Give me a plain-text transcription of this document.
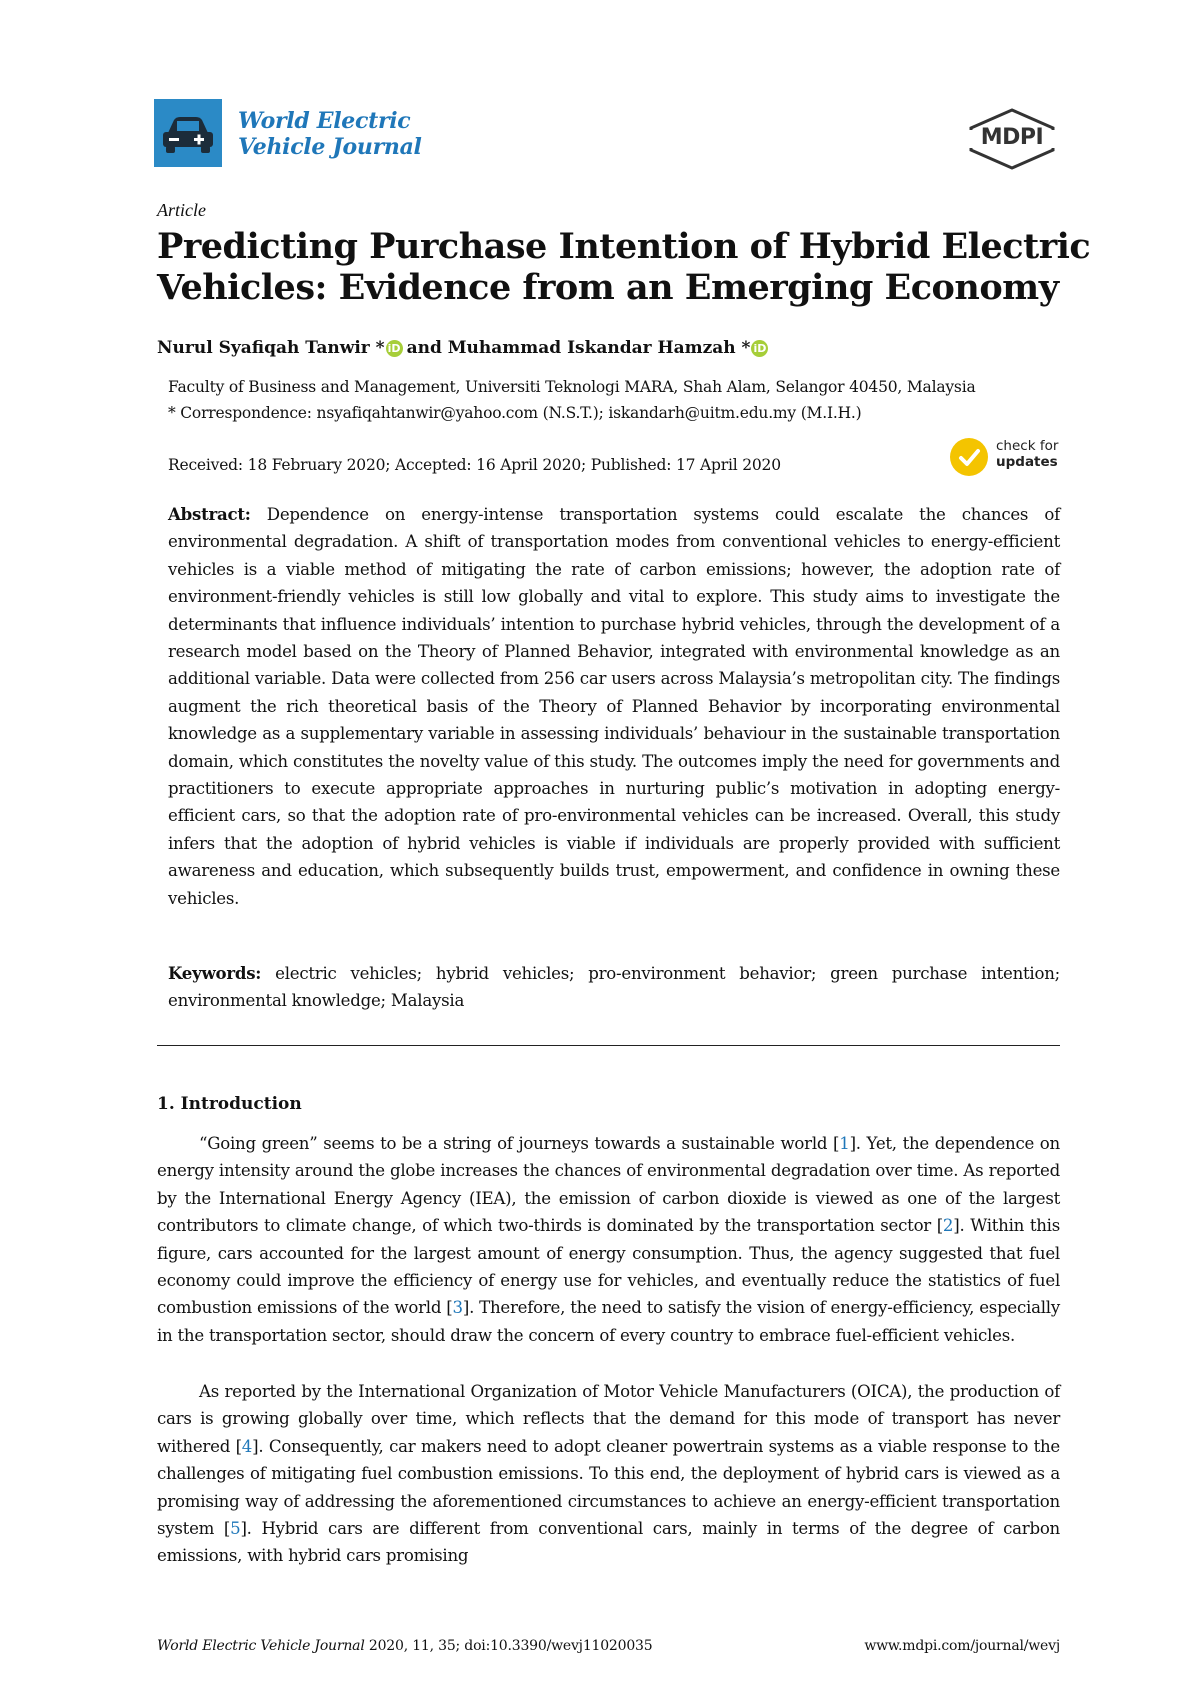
World Electric
Vehicle Journal	MDPI
Article
Predicting Purchase Intention of Hybrid Electric
Vehicles: Evidence from an Emerging Economy
Nurul Syafiqah Tanwir * iD and Muhammad Iskandar Hamzah * iD
Faculty of Business and Management, Universiti Teknologi MARA, Shah Alam, Selangor 40450, Malaysia
* Correspondence: nsyafiqahtanwir@yahoo.com (N.S.T.); iskandarh@uitm.edu.my (M.I.H.)
Received: 18 February 2020; Accepted: 16 April 2020; Published: 17 April 2020
check for
updates
Abstract: Dependence on energy-intense transportation systems could escalate the chances of environmental degradation. A shift of transportation modes from conventional vehicles to energy-efficient vehicles is a viable method of mitigating the rate of carbon emissions; however, the adoption rate of environment-friendly vehicles is still low globally and vital to explore. This study aims to investigate the determinants that influence individuals’ intention to purchase hybrid vehicles, through the development of a research model based on the Theory of Planned Behavior, integrated with environmental knowledge as an additional variable. Data were collected from 256 car users across Malaysia’s metropolitan city. The findings augment the rich theoretical basis of the Theory of Planned Behavior by incorporating environmental knowledge as a supplementary variable in assessing individuals’ behaviour in the sustainable transportation domain, which constitutes the novelty value of this study. The outcomes imply the need for governments and practitioners to execute appropriate approaches in nurturing public’s motivation in adopting energy-efficient cars, so that the adoption rate of pro-environmental vehicles can be increased. Overall, this study infers that the adoption of hybrid vehicles is viable if individuals are properly provided with sufficient awareness and education, which subsequently builds trust, empowerment, and confidence in owning these vehicles.
Keywords: electric vehicles; hybrid vehicles; pro-environment behavior; green purchase intention; environmental knowledge; Malaysia
1. Introduction
“Going green” seems to be a string of journeys towards a sustainable world [1]. Yet, the dependence on energy intensity around the globe increases the chances of environmental degradation over time. As reported by the International Energy Agency (IEA), the emission of carbon dioxide is viewed as one of the largest contributors to climate change, of which two-thirds is dominated by the transportation sector [2]. Within this figure, cars accounted for the largest amount of energy consumption. Thus, the agency suggested that fuel economy could improve the efficiency of energy use for vehicles, and eventually reduce the statistics of fuel combustion emissions of the world [3]. Therefore, the need to satisfy the vision of energy-efficiency, especially in the transportation sector, should draw the concern of every country to embrace fuel-efficient vehicles.
As reported by the International Organization of Motor Vehicle Manufacturers (OICA), the production of cars is growing globally over time, which reflects that the demand for this mode of transport has never withered [4]. Consequently, car makers need to adopt cleaner powertrain systems as a viable response to the challenges of mitigating fuel combustion emissions. To this end, the deployment of hybrid cars is viewed as a promising way of addressing the aforementioned circumstances to achieve an energy-efficient transportation system [5]. Hybrid cars are different from conventional cars, mainly in terms of the degree of carbon emissions, with hybrid cars promising
World Electric Vehicle Journal 2020, 11, 35; doi:10.3390/wevj11020035	www.mdpi.com/journal/wevj
